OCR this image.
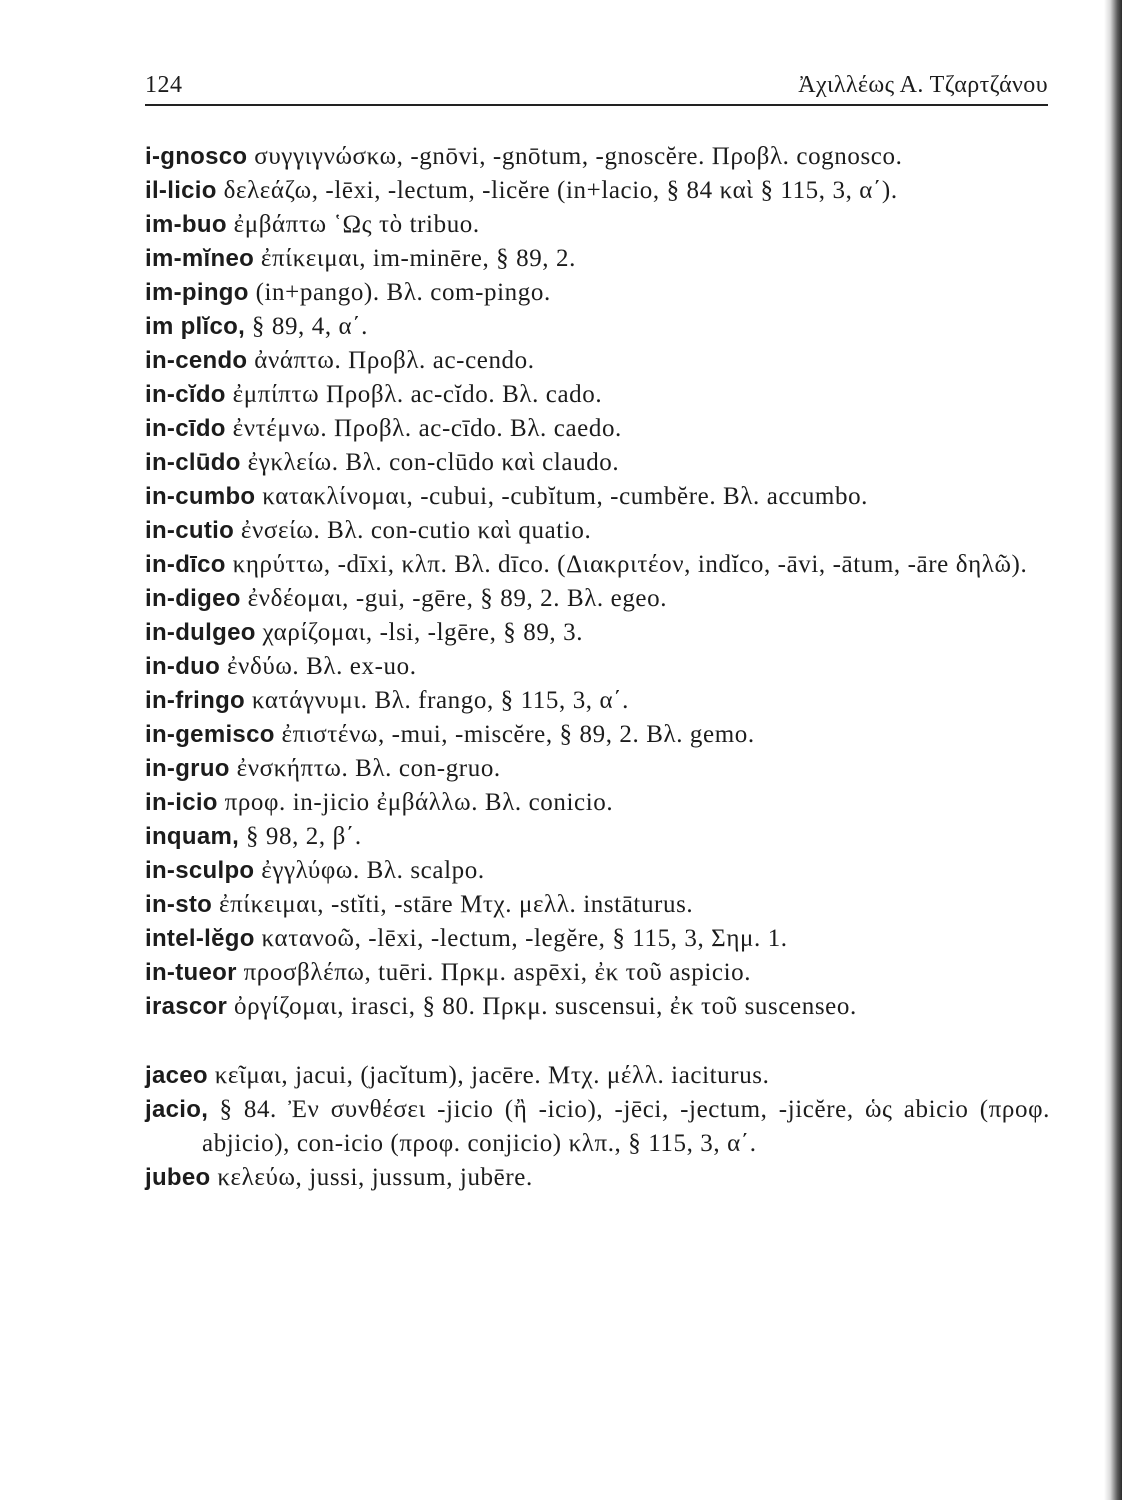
124	Ἀχιλλέως Α. Τζαρτζάνου
i-gnosco συγγιγνώσκω, -gnōvi, -gnōtum, -gnoscĕre. Προβλ. cognosco.
il-licio δελεάζω, -lēxi, -lectum, -licĕre (in+lacio, § 84 καὶ § 115, 3, α΄).
im-buo ἐμβάπτω ῾Ως τὸ tribuo.
im-mĭneo ἐπίκειμαι, im-minēre, § 89, 2.
im-pingo (in+pango). Βλ. com-pingo.
im plĭco, § 89, 4, α΄.
in-cendo ἀνάπτω. Προβλ. ac-cendo.
in-cĭdo ἐμπίπτω Προβλ. ac-cĭdo. Βλ. cado.
in-cīdo ἐντέμνω. Προβλ. ac-cīdo. Βλ. caedo.
in-clūdo ἐγκλείω. Βλ. con-clūdo καὶ claudo.
in-cumbo κατακλίνομαι, -cubui, -cubĭtum, -cumbĕre. Βλ. accumbo.
in-cutio ἐνσείω. Βλ. con-cutio καὶ quatio.
in-dīco κηρύττω, -dīxi, κλπ. Βλ. dīco. (Διακριτέον, indĭco, -āvi, -ātum, -āre δηλῶ).
in-digeo ἐνδέομαι, -gui, -gēre, § 89, 2. Βλ. egeo.
in-dulgeo χαρίζομαι, -lsi, -lgēre, § 89, 3.
in-duo ἐνδύω. Βλ. ex-uo.
in-fringo κατάγνυμι. Βλ. frango, § 115, 3, α΄.
in-gemisco ἐπιστένω, -mui, -miscĕre, § 89, 2. Βλ. gemo.
in-gruo ἐνσκήπτω. Βλ. con-gruo.
in-icio προφ. in-jicio ἐμβάλλω. Βλ. conicio.
inquam, § 98, 2, β΄.
in-sculpo ἐγγλύφω. Βλ. scalpo.
in-sto ἐπίκειμαι, -stĭti, -stāre Μτχ. μελλ. instāturus.
intel-lĕgo κατανοῶ, -lēxi, -lectum, -legĕre, § 115, 3, Σημ. 1.
in-tueor προσβλέπω, tuēri. Πρκμ. aspēxi, ἐκ τοῦ aspicio.
irascor ὀργίζομαι, irasci, § 80. Πρκμ. suscensui, ἐκ τοῦ suscenseo.
jaceo κεῖμαι, jacui, (jacĭtum), jacēre. Μτχ. μέλλ. iaciturus.
jacio, § 84. Ἐν συνθέσει -jicio (ἢ -icio), -jēci, -jectum, -jicĕre, ὡς abicio (προφ. abjicio), con-icio (προφ. conjicio) κλπ., § 115, 3, α΄.
jubeo κελεύω, jussi, jussum, jubēre.
